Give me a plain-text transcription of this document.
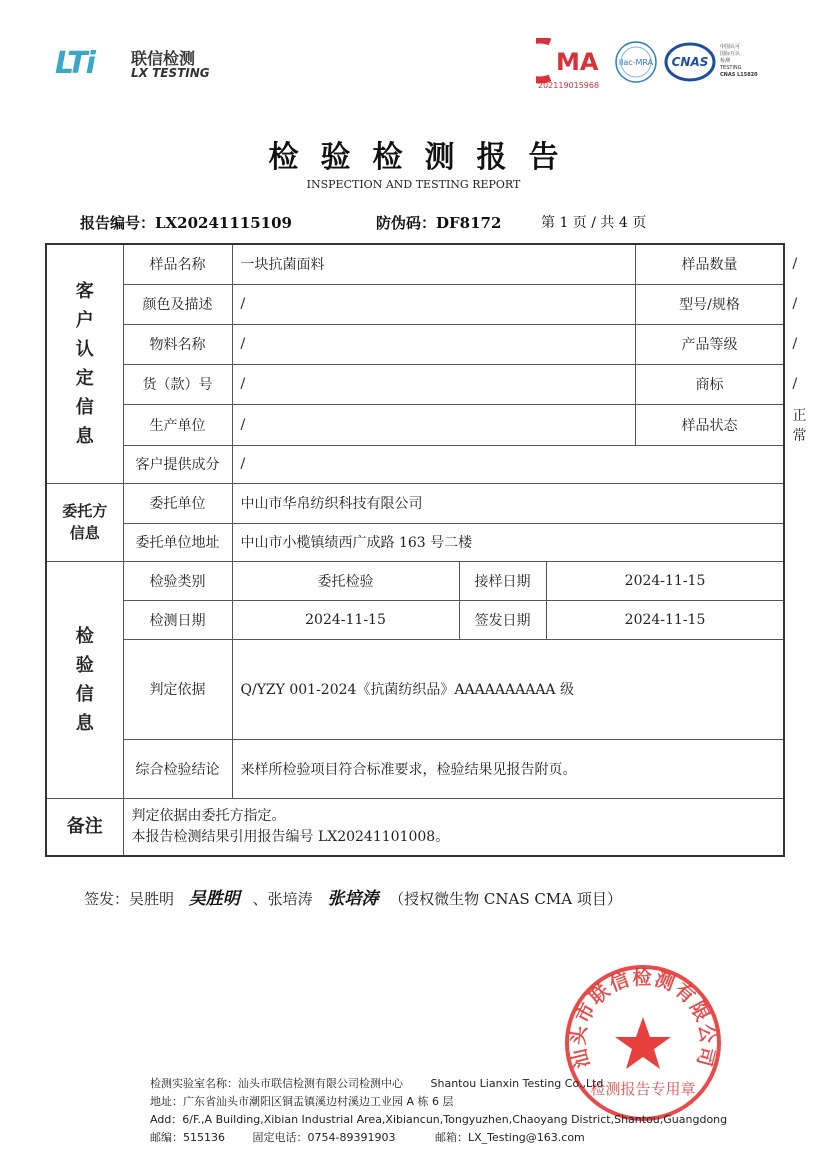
LTi 联信检测
LX TESTING	MA
202119015968
ilac-MRA CNAS
中国认可
国际互认
检测
TESTING
CNAS L15820
检验检测报告
INSPECTION AND TESTING REPORT
报告编号：LX20241115109	防伪码：DF8172	第 1 页 / 共 4 页
客户认定信息	样品名称	一块抗菌面料			样品数量	/
	颜色及描述	/			型号/规格	/
	物料名称	/			产品等级	/
	货（款）号	/			商标	/
	生产单位	/			样品状态	正常
	客户提供成分	/				

委托方
信息	委托单位	中山市华帛纺织科技有限公司				
	委托单位地址	中山市小榄镇绩西广成路 163 号二楼				

检验信息	检验类别	委托检验	接样日期	2024-11-15		
	检测日期	2024-11-15	签发日期	2024-11-15		
	判定依据	Q/YZY 001-2024《抗菌纺织品》AAAAAAAAAA 级				
	综合检验结论	来样所检验项目符合标准要求，检验结果见报告附页。				
备注	判定依据由委托方指定。
本报告检测结果引用报告编号 LX20241101008。					
签发：吴胜明 吴胜明 、张培涛 张培涛 （授权微生物 CNAS CMA 项目）
汕头市联信检测有限公司
检测报告专用章
检测实验室名称：汕头市联信检测有限公司检测中心	Shantou Lianxin Testing Co.,Ltd
地址：广东省汕头市潮阳区铜盂镇溪边村溪边工业园 A 栋 6 层
Add：6/F.,A Building,Xibian Industrial Area,Xibiancun,Tongyuzhen,Chaoyang District,Shantou,Guangdong
邮编：515136	固定电话：0754-89391903	邮箱：LX_Testing@163.com
